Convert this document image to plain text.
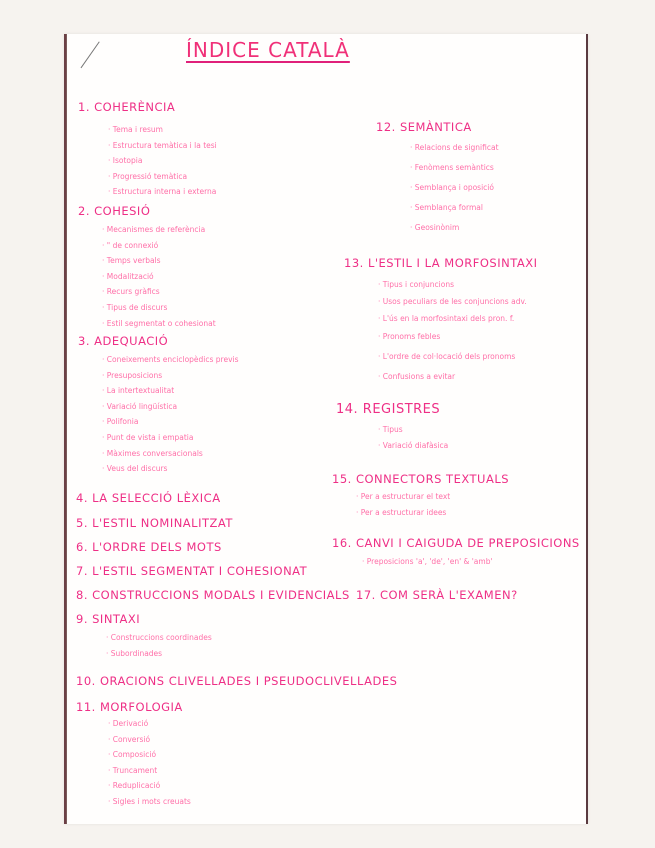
ÍNDICE CATALÀ
1. COHERÈNCIA
· Tema i resum
· Estructura temàtica i la tesi
· Isotopia
· Progressió temàtica
· Estructura interna i externa
2. COHESIÓ
· Mecanismes de referència
· " de connexió
· Temps verbals
· Modalització
· Recurs gràfics
· Tipus de discurs
· Estil segmentat o cohesionat
3. ADEQUACIÓ
· Coneixements enciclopèdics previs
· Presuposicions
· La intertextualitat
· Variació lingüística
· Polifonia
· Punt de vista i empatia
· Màximes conversacionals
· Veus del discurs
4. LA SELECCIÓ LÈXICA
5. L'ESTIL NOMINALITZAT
6. L'ORDRE DELS MOTS
7. L'ESTIL SEGMENTAT I COHESIONAT
8. CONSTRUCCIONS MODALS I EVIDENCIALS
9. SINTAXI
· Construccions coordinades
· Subordinades
10. ORACIONS CLIVELLADES I PSEUDOCLIVELLADES
11. MORFOLOGIA
· Derivació
· Conversió
· Composició
· Truncament
· Reduplicació
· Sigles i mots creuats
12. SEMÀNTICA
· Relacions de significat
· Fenòmens semàntics
· Semblança i oposició
· Semblança formal
· Geosinònim
13. L'ESTIL I LA MORFOSINTAXI
· Tipus i conjuncions
· Usos peculiars de les conjuncions adv.
· L'ús en la morfosintaxi dels pron. f.
· Pronoms febles
· L'ordre de col·locació dels pronoms
· Confusions a evitar
14. REGISTRES
· Tipus
· Variació diafàsica
15. CONNECTORS TEXTUALS
· Per a estructurar el text
· Per a estructurar idees
16. CANVI I CAIGUDA DE PREPOSICIONS
· Preposicions 'a', 'de', 'en' & 'amb'
17. COM SERÀ L'EXAMEN?
